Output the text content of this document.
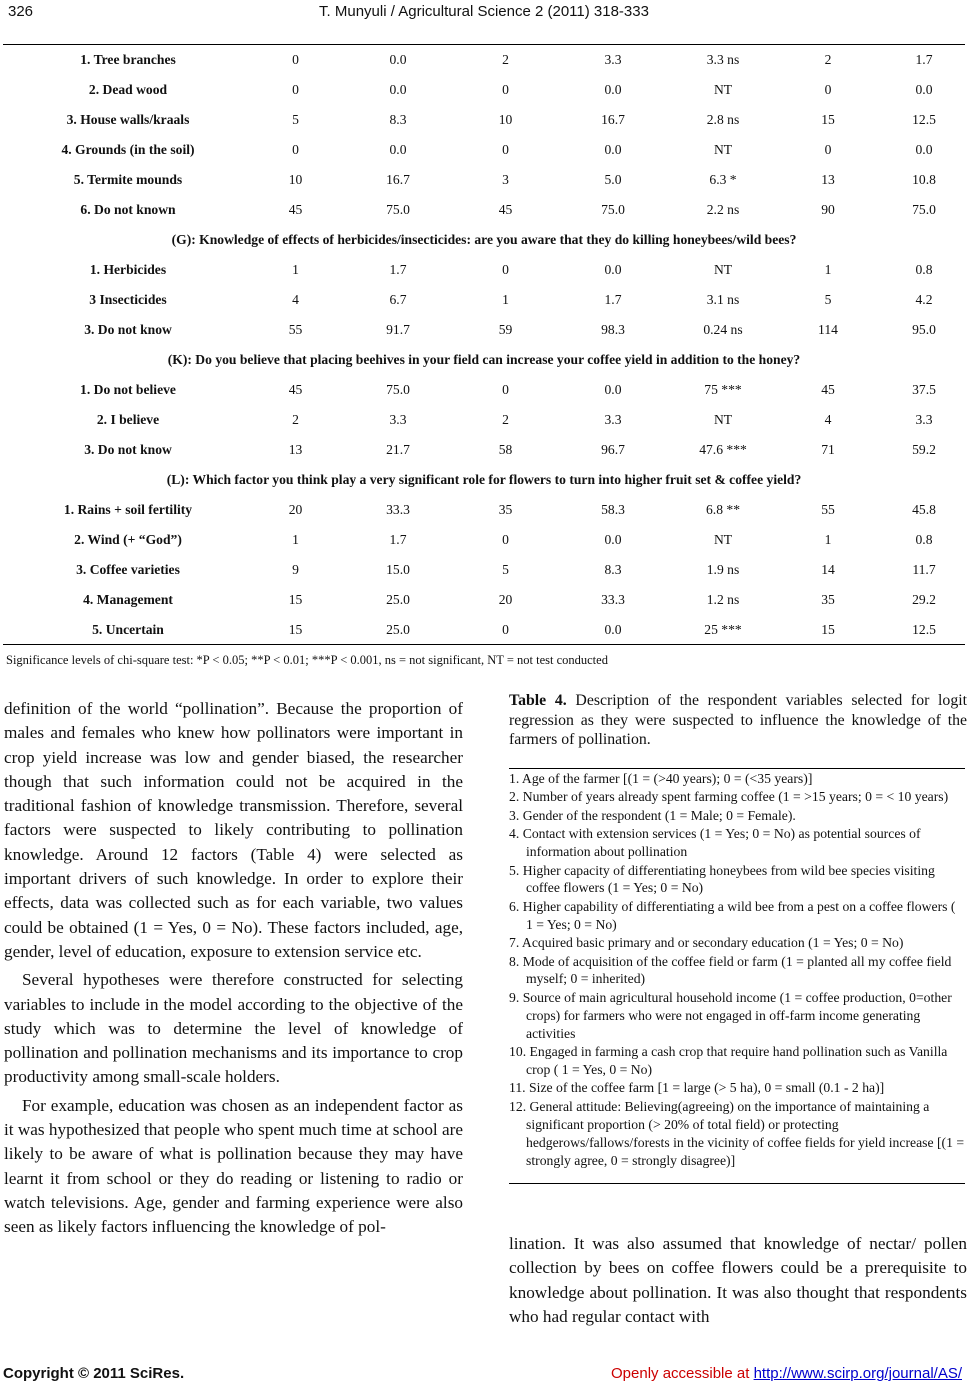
326	T. Munyuli / Agricultural Science 2 (2011) 318-333
1. Tree branches	0	0.0	2	3.3	3.3 ns	2	1.7
2. Dead wood	0	0.0	0	0.0	NT	0	0.0
3. House walls/kraals	5	8.3	10	16.7	2.8 ns	15	12.5
4. Grounds (in the soil)	0	0.0	0	0.0	NT	0	0.0
5. Termite mounds	10	16.7	3	5.0	6.3 *	13	10.8
6. Do not known	45	75.0	45	75.0	2.2 ns	90	75.0
(G): Knowledge of effects of herbicides/insecticides: are you aware that they do killing honeybees/wild bees?							
1. Herbicides	1	1.7	0	0.0	NT	1	0.8
3 Insecticides	4	6.7	1	1.7	3.1 ns	5	4.2
3. Do not know	55	91.7	59	98.3	0.24 ns	114	95.0
(K): Do you believe that placing beehives in your field can increase your coffee yield in addition to the honey?							
1. Do not believe	45	75.0	0	0.0	75 ***	45	37.5
2. I believe	2	3.3	2	3.3	NT	4	3.3
3. Do not know	13	21.7	58	96.7	47.6 ***	71	59.2
(L): Which factor you think play a very significant role for flowers to turn into higher fruit set & coffee yield?							
1. Rains + soil fertility	20	33.3	35	58.3	6.8 **	55	45.8
2. Wind (+ “God”)	1	1.7	0	0.0	NT	1	0.8
3. Coffee varieties	9	15.0	5	8.3	1.9 ns	14	11.7
4. Management	15	25.0	20	33.3	1.2 ns	35	29.2
5. Uncertain	15	25.0	0	0.0	25 ***	15	12.5
Significance levels of chi-square test: *P < 0.05; **P < 0.01; ***P < 0.001, ns = not significant, NT = not test conducted

definition of the world “pollination”. Because the proportion of males and females who knew how pollinators were important in crop yield increase was low and gender biased, the researcher though that such information could not be acquired in the traditional fashion of knowledge transmission. Therefore, several factors were suspected to likely contributing to pollination knowledge. Around 12 factors (Table 4) were selected as important drivers of such knowledge. In order to explore their effects, data was collected such as for each variable, two values could be obtained (1 = Yes, 0 = No). These factors included, age, gender, level of education, exposure to extension service etc.

Several hypotheses were therefore constructed for selecting variables to include in the model according to the objective of the study which was to determine the level of knowledge of pollination and pollination mechanisms and its importance to crop productivity among small-scale holders.

For example, education was chosen as an independent factor as it was hypothesized that people who spent much time at school are likely to be aware of what is pollination because they may have learnt it from school or they do reading or listening to radio or watch televisions. Age, gender and farming experience were also seen as likely factors influencing the knowledge of pol-

Table 4. Description of the respondent variables selected for logit regression as they were suspected to influence the knowledge of the farmers of pollination.
1. Age of the farmer [(1 = (>40 years); 0 = (<35 years)]
2. Number of years already spent farming coffee (1 = >15 years; 0 = < 10 years)
3. Gender of the respondent (1 = Male; 0 = Female).
4. Contact with extension services (1 = Yes; 0 = No) as potential sources of information about pollination
5. Higher capacity of differentiating honeybees from wild bee species visiting coffee flowers (1 = Yes; 0 = No)
6. Higher capability of differentiating a wild bee from a pest on a coffee flowers ( 1 = Yes; 0 = No)
7. Acquired basic primary and or secondary education (1 = Yes; 0 = No)
8. Mode of acquisition of the coffee field or farm (1 = planted all my coffee field myself; 0 = inherited)
9. Source of main agricultural household income (1 = coffee production, 0=other crops) for farmers who were not engaged in off-farm income generating activities
10. Engaged in farming a cash crop that require hand pollination such as Vanilla crop ( 1 = Yes, 0 = No)
11. Size of the coffee farm [1 = large (> 5 ha), 0 = small (0.1 - 2 ha)]
12. General attitude: Believing(agreeing) on the importance of maintaining a significant proportion (> 20% of total field) or protecting hedgerows/fallows/forests in the vicinity of coffee fields for yield increase [(1 = strongly agree, 0 = strongly disagree)]

lination. It was also assumed that knowledge of nectar/ pollen collection by bees on coffee flowers could be a prerequisite to knowledge about pollination. It was also thought that respondents who had regular contact with

Copyright © 2011 SciRes.	Openly accessible at http://www.scirp.org/journal/AS/
